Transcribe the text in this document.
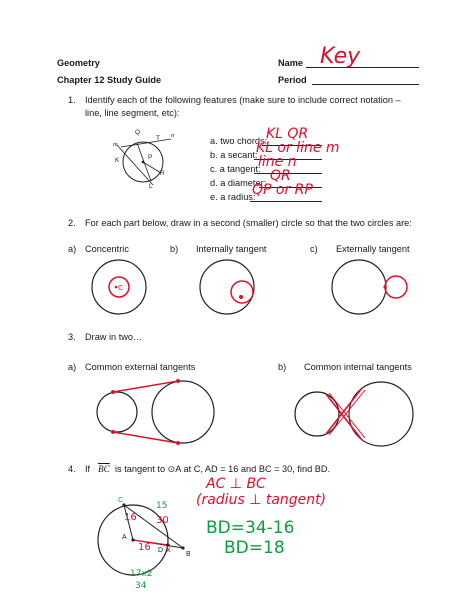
Geometry
Chapter 12 Study Guide
Name Key
Period
1. Identify each of the following features (make sure to include correct notation –
line, line segment, etc):
Q
T
m
P
K
R
L
n
a. two chords:
KL QR
b. a secant:
KL or line m
c. a tangent:
line n
d. a diameter: QR
e. a radius:
QP or RP
2. For each part below, draw in a second (smaller) circle so that the two circles are:
a) Concentric	b) Internally tangent	c) Externally tangent
C
3. Draw in two…
a) Common external tangents	b) Common internal tangents
4. If $\overline{BC}$ is tangent to ⊙A at C, AD = 16 and BC = 30, find BD.
AC ⊥ BC
(radius ⊥ tangent)
BD=34-16
BD=18
C
A
D
B
16
16
15
30
x
17x2
34
